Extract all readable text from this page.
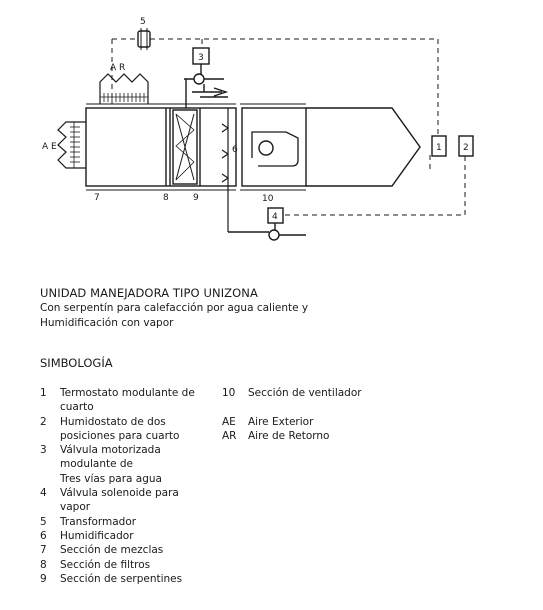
5
3
A R
A E
4
1 2
7	8	9
6
10
UNIDAD MANEJADORA TIPO UNIZONA
Con serpentín para calefacción por agua caliente y
Humidificación con vapor
SIMBOLOGÍA
1	Termostato modulante de
cuarto
2	Humidostato de dos
posiciones para cuarto
3	Válvula motorizada
modulante de
Tres vías para agua
4	Válvula solenoide para
vapor
5	Transformador
6	Humidificador
7	Sección de mezclas
8	Sección de filtros
9	Sección de serpentines
10	Sección de ventilador
AE	Aire Exterior
AR	Aire de Retorno
